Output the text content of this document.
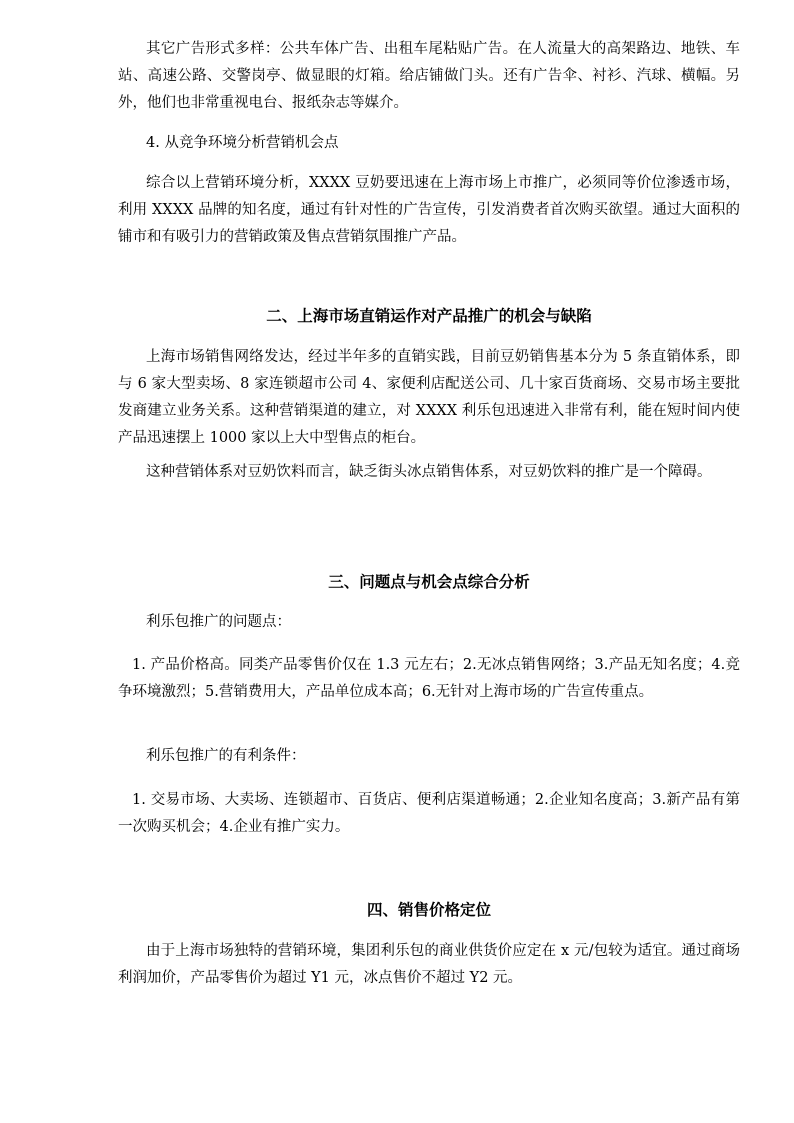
其它广告形式多样：公共车体广告、出租车尾粘贴广告。在人流量大的高架路边、地铁、车站、高速公路、交警岗亭、做显眼的灯箱。给店铺做门头。还有广告伞、衬衫、汽球、横幅。另外，他们也非常重视电台、报纸杂志等媒介。

4. 从竞争环境分析营销机会点

综合以上营销环境分析，XXXX 豆奶要迅速在上海市场上市推广，必须同等价位渗透市场，利用 XXXX 品牌的知名度，通过有针对性的广告宣传，引发消费者首次购买欲望。通过大面积的铺市和有吸引力的营销政策及售点营销氛围推广产品。

二、上海市场直销运作对产品推广的机会与缺陷

上海市场销售网络发达，经过半年多的直销实践，目前豆奶销售基本分为 5 条直销体系，即与 6 家大型卖场、8 家连锁超市公司 4、家便利店配送公司、几十家百货商场、交易市场主要批发商建立业务关系。这种营销渠道的建立，对 XXXX 利乐包迅速进入非常有利，能在短时间内使产品迅速摆上 1000 家以上大中型售点的柜台。

这种营销体系对豆奶饮料而言，缺乏街头冰点销售体系，对豆奶饮料的推广是一个障碍。

三、问题点与机会点综合分析

利乐包推广的问题点：

1. 产品价格高。同类产品零售价仅在 1.3 元左右；2.无冰点销售网络；3.产品无知名度；4.竞争环境激烈；5.营销费用大，产品单位成本高；6.无针对上海市场的广告宣传重点。

利乐包推广的有利条件：

1. 交易市场、大卖场、连锁超市、百货店、便利店渠道畅通；2.企业知名度高；3.新产品有第一次购买机会；4.企业有推广实力。

四、销售价格定位

由于上海市场独特的营销环境，集团利乐包的商业供货价应定在 x 元/包较为适宜。通过商场利润加价，产品零售价为超过 Y1 元，冰点售价不超过 Y2 元。
